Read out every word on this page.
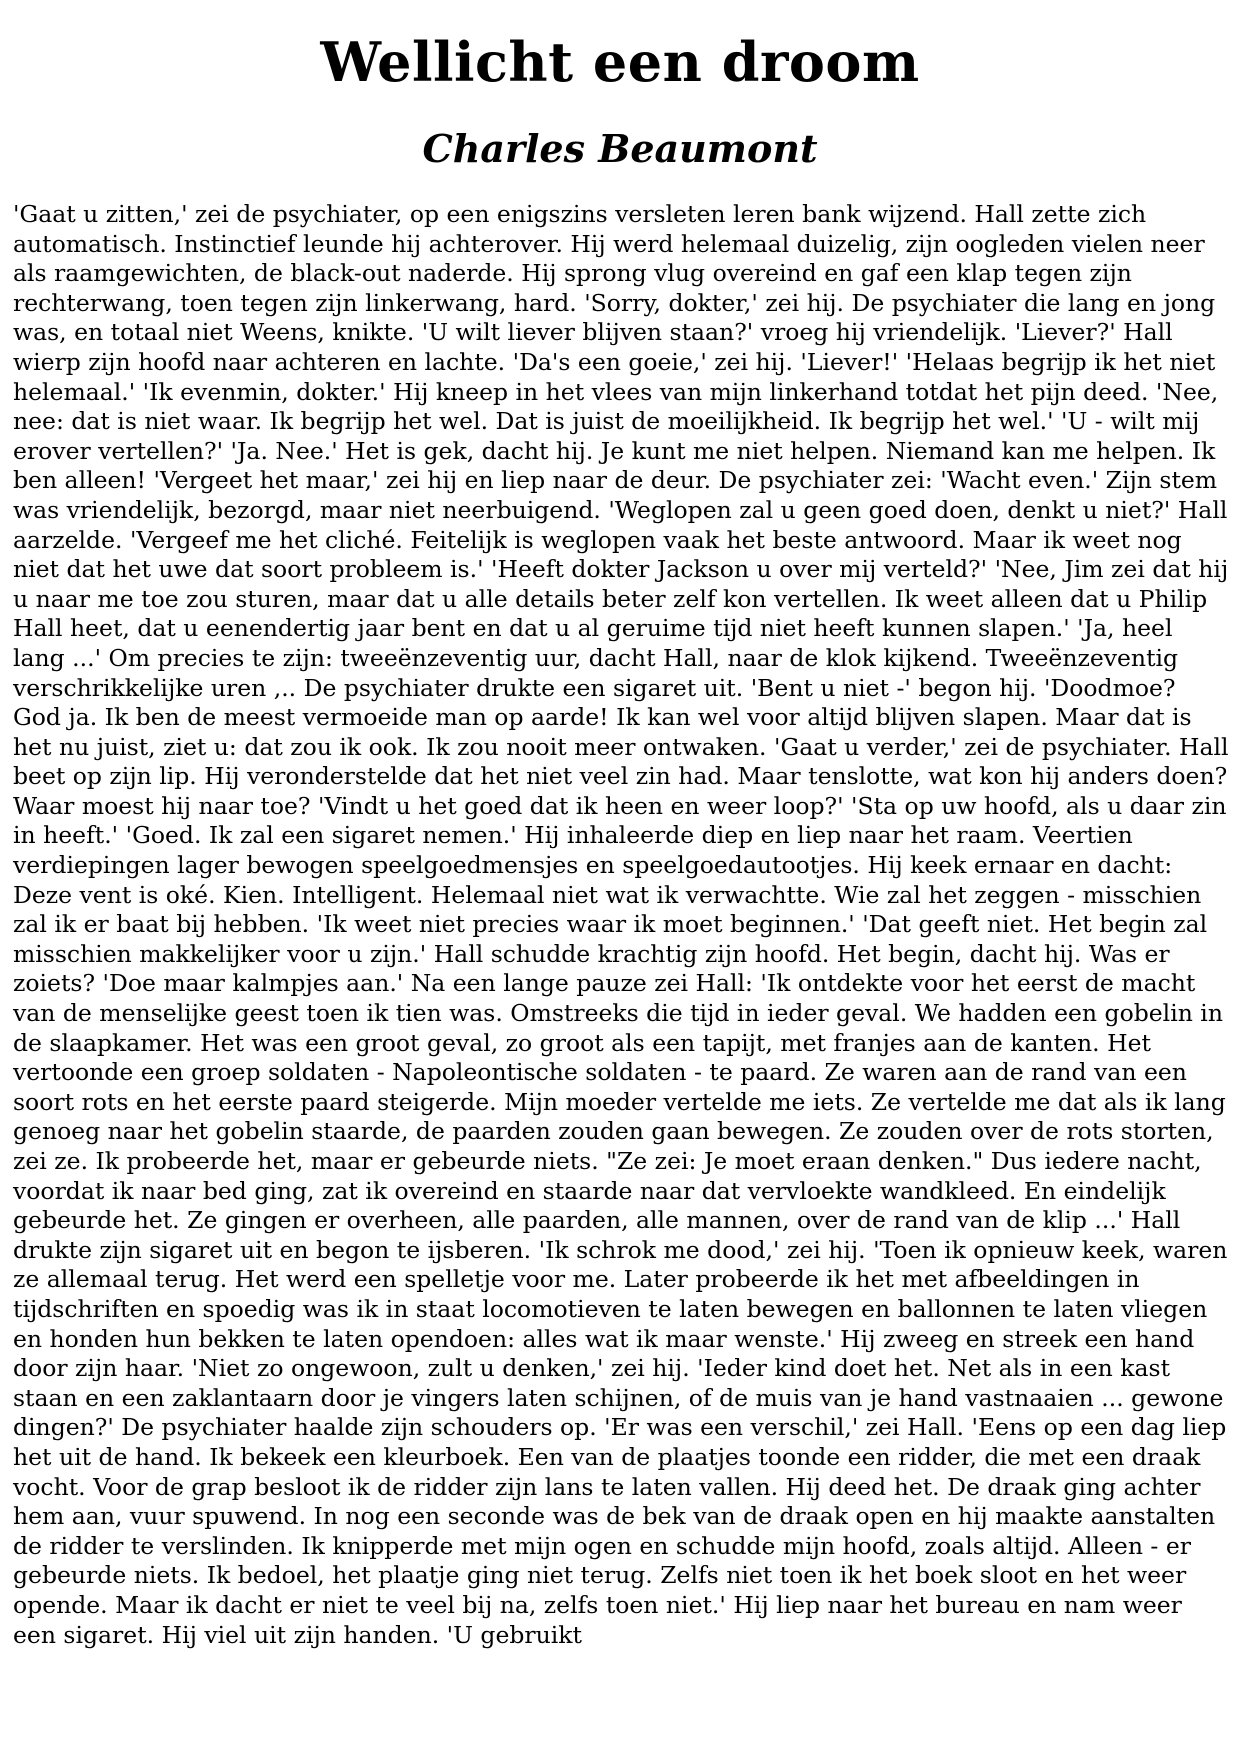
Wellicht een droom
Charles Beaumont

'Gaat u zitten,' zei de psychiater, op een enigszins versleten leren bank wijzend. Hall zette zich automatisch. Instinctief leunde hij achterover. Hij werd helemaal duizelig, zijn oogleden vielen neer als raamgewichten, de black-out naderde. Hij sprong vlug overeind en gaf een klap tegen zijn rechterwang, toen tegen zijn linkerwang, hard. 'Sorry, dokter,' zei hij. De psychiater die lang en jong was, en totaal niet Weens, knikte. 'U wilt liever blijven staan?' vroeg hij vriendelijk. 'Liever?' Hall wierp zijn hoofd naar achteren en lachte. 'Da's een goeie,' zei hij. 'Liever!' 'Helaas begrijp ik het niet helemaal.' 'Ik evenmin, dokter.' Hij kneep in het vlees van mijn linkerhand totdat het pijn deed. 'Nee, nee: dat is niet waar. Ik begrijp het wel. Dat is juist de moeilijkheid. Ik begrijp het wel.' 'U - wilt mij erover vertellen?' 'Ja. Nee.' Het is gek, dacht hij. Je kunt me niet helpen. Niemand kan me helpen. Ik ben alleen! 'Vergeet het maar,' zei hij en liep naar de deur. De psychiater zei: 'Wacht even.' Zijn stem was vriendelijk, bezorgd, maar niet neerbuigend. 'Weglopen zal u geen goed doen, denkt u niet?' Hall aarzelde. 'Vergeef me het cliché. Feitelijk is weglopen vaak het beste antwoord. Maar ik weet nog niet dat het uwe dat soort probleem is.' 'Heeft dokter Jackson u over mij verteld?' 'Nee, Jim zei dat hij u naar me toe zou sturen, maar dat u alle details beter zelf kon vertellen. Ik weet alleen dat u Philip Hall heet, dat u eenendertig jaar bent en dat u al geruime tijd niet heeft kunnen slapen.' 'Ja, heel lang ...' Om precies te zijn: tweeënzeventig uur, dacht Hall, naar de klok kijkend. Tweeënzeventig verschrikkelijke uren ,.. De psychiater drukte een sigaret uit. 'Bent u niet -' begon hij. 'Doodmoe? God ja. Ik ben de meest vermoeide man op aarde! Ik kan wel voor altijd blijven slapen. Maar dat is het nu juist, ziet u: dat zou ik ook. Ik zou nooit meer ontwaken. 'Gaat u verder,' zei de psychiater. Hall beet op zijn lip. Hij veronderstelde dat het niet veel zin had. Maar tenslotte, wat kon hij anders doen? Waar moest hij naar toe? 'Vindt u het goed dat ik heen en weer loop?' 'Sta op uw hoofd, als u daar zin in heeft.' 'Goed. Ik zal een sigaret nemen.' Hij inhaleerde diep en liep naar het raam. Veertien verdiepingen lager bewogen speelgoedmensjes en speelgoedautootjes. Hij keek ernaar en dacht: Deze vent is oké. Kien. Intelligent. Helemaal niet wat ik verwachtte. Wie zal het zeggen - misschien zal ik er baat bij hebben. 'Ik weet niet precies waar ik moet beginnen.' 'Dat geeft niet. Het begin zal misschien makkelijker voor u zijn.' Hall schudde krachtig zijn hoofd. Het begin, dacht hij. Was er zoiets? 'Doe maar kalmpjes aan.' Na een lange pauze zei Hall: 'Ik ontdekte voor het eerst de macht van de menselijke geest toen ik tien was. Omstreeks die tijd in ieder geval. We hadden een gobelin in de slaapkamer. Het was een groot geval, zo groot als een tapijt, met franjes aan de kanten. Het vertoonde een groep soldaten - Napoleontische soldaten - te paard. Ze waren aan de rand van een soort rots en het eerste paard steigerde. Mijn moeder vertelde me iets. Ze vertelde me dat als ik lang genoeg naar het gobelin staarde, de paarden zouden gaan bewegen. Ze zouden over de rots storten, zei ze. Ik probeerde het, maar er gebeurde niets. "Ze zei: Je moet eraan denken." Dus iedere nacht, voordat ik naar bed ging, zat ik overeind en staarde naar dat vervloekte wandkleed. En eindelijk gebeurde het. Ze gingen er overheen, alle paarden, alle mannen, over de rand van de klip ...' Hall drukte zijn sigaret uit en begon te ijsberen. 'Ik schrok me dood,' zei hij. 'Toen ik opnieuw keek, waren ze allemaal terug. Het werd een spelletje voor me. Later probeerde ik het met afbeeldingen in tijdschriften en spoedig was ik in staat locomotieven te laten bewegen en ballonnen te laten vliegen en honden hun bekken te laten opendoen: alles wat ik maar wenste.' Hij zweeg en streek een hand door zijn haar. 'Niet zo ongewoon, zult u denken,' zei hij. 'Ieder kind doet het. Net als in een kast staan en een zaklantaarn door je vingers laten schijnen, of de muis van je hand vastnaaien ... gewone dingen?' De psychiater haalde zijn schouders op. 'Er was een verschil,' zei Hall. 'Eens op een dag liep het uit de hand. Ik bekeek een kleurboek. Een van de plaatjes toonde een ridder, die met een draak vocht. Voor de grap besloot ik de ridder zijn lans te laten vallen. Hij deed het. De draak ging achter hem aan, vuur spuwend. In nog een seconde was de bek van de draak open en hij maakte aanstalten de ridder te verslinden. Ik knipperde met mijn ogen en schudde mijn hoofd, zoals altijd. Alleen - er gebeurde niets. Ik bedoel, het plaatje ging niet terug. Zelfs niet toen ik het boek sloot en het weer opende. Maar ik dacht er niet te veel bij na, zelfs toen niet.' Hij liep naar het bureau en nam weer een sigaret. Hij viel uit zijn handen. 'U gebruikt
